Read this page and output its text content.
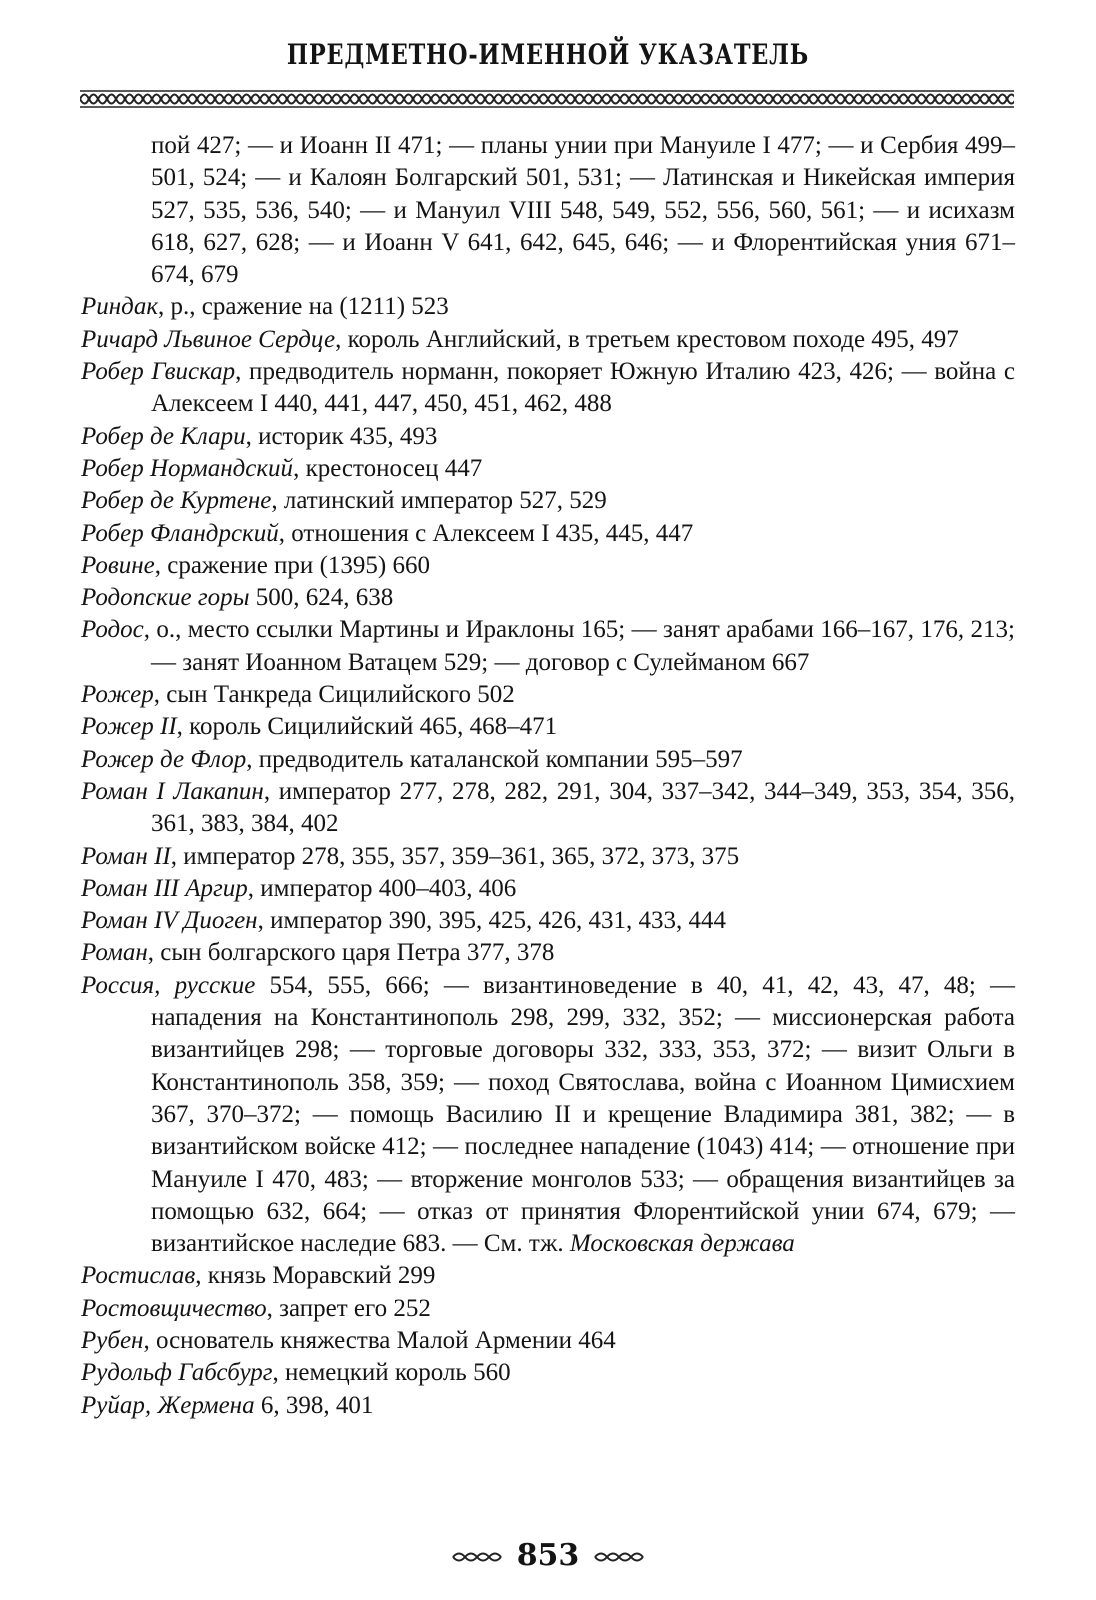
ПРЕДМЕТНО-ИМЕННОЙ УКАЗАТЕЛЬ

пой 427; — и Иоанн II 471; — планы унии при Мануиле I 477; — и Сербия 499–501, 524; — и Калоян Болгарский 501, 531; — Латинская и Никейская империя 527, 535, 536, 540; — и Мануил VIII 548, 549, 552, 556, 560, 561; — и исихазм 618, 627, 628; — и Иоанн V 641, 642, 645, 646; — и Флорентийская уния 671–674, 679

Риндак, р., сражение на (1211) 523

Ричард Львиное Сердце, король Английский, в третьем крестовом походе 495, 497

Робер Гвискар, предводитель норманн, покоряет Южную Италию 423, 426; — война с Алексеем I 440, 441, 447, 450, 451, 462, 488

Робер де Клари, историк 435, 493

Робер Нормандский, крестоносец 447

Робер де Куртене, латинский император 527, 529

Робер Фландрский, отношения с Алексеем I 435, 445, 447

Ровине, сражение при (1395) 660

Родопские горы 500, 624, 638

Родос, о., место ссылки Мартины и Ираклоны 165; — занят арабами 166–167, 176, 213; — занят Иоанном Ватацем 529; — договор с Сулейманом 667

Рожер, сын Танкреда Сицилийского 502

Рожер II, король Сицилийский 465, 468–471

Рожер де Флор, предводитель каталанской компании 595–597

Роман I Лакапин, император 277, 278, 282, 291, 304, 337–342, 344–349, 353, 354, 356, 361, 383, 384, 402

Роман II, император 278, 355, 357, 359–361, 365, 372, 373, 375

Роман III Аргир, император 400–403, 406

Роман IV Диоген, император 390, 395, 425, 426, 431, 433, 444

Роман, сын болгарского царя Петра 377, 378

Россия, русские 554, 555, 666; — византиноведение в 40, 41, 42, 43, 47, 48; — нападения на Константинополь 298, 299, 332, 352; — миссионерская работа византийцев 298; — торговые договоры 332, 333, 353, 372; — визит Ольги в Константинополь 358, 359; — поход Святослава, война с Иоанном Цимисхием 367, 370–372; — помощь Василию II и крещение Владимира 381, 382; — в византийском войске 412; — последнее нападение (1043) 414; — отношение при Мануиле I 470, 483; — вторжение монголов 533; — обращения византийцев за помощью 632, 664; — отказ от принятия Флорентийской унии 674, 679; — византийское наследие 683. — См. тж. Московская держава

Ростислав, князь Моравский 299

Ростовщичество, запрет его 252

Рубен, основатель княжества Малой Армении 464

Рудольф Габсбург, немецкий король 560

Руйар, Жермена 6, 398, 401

853
